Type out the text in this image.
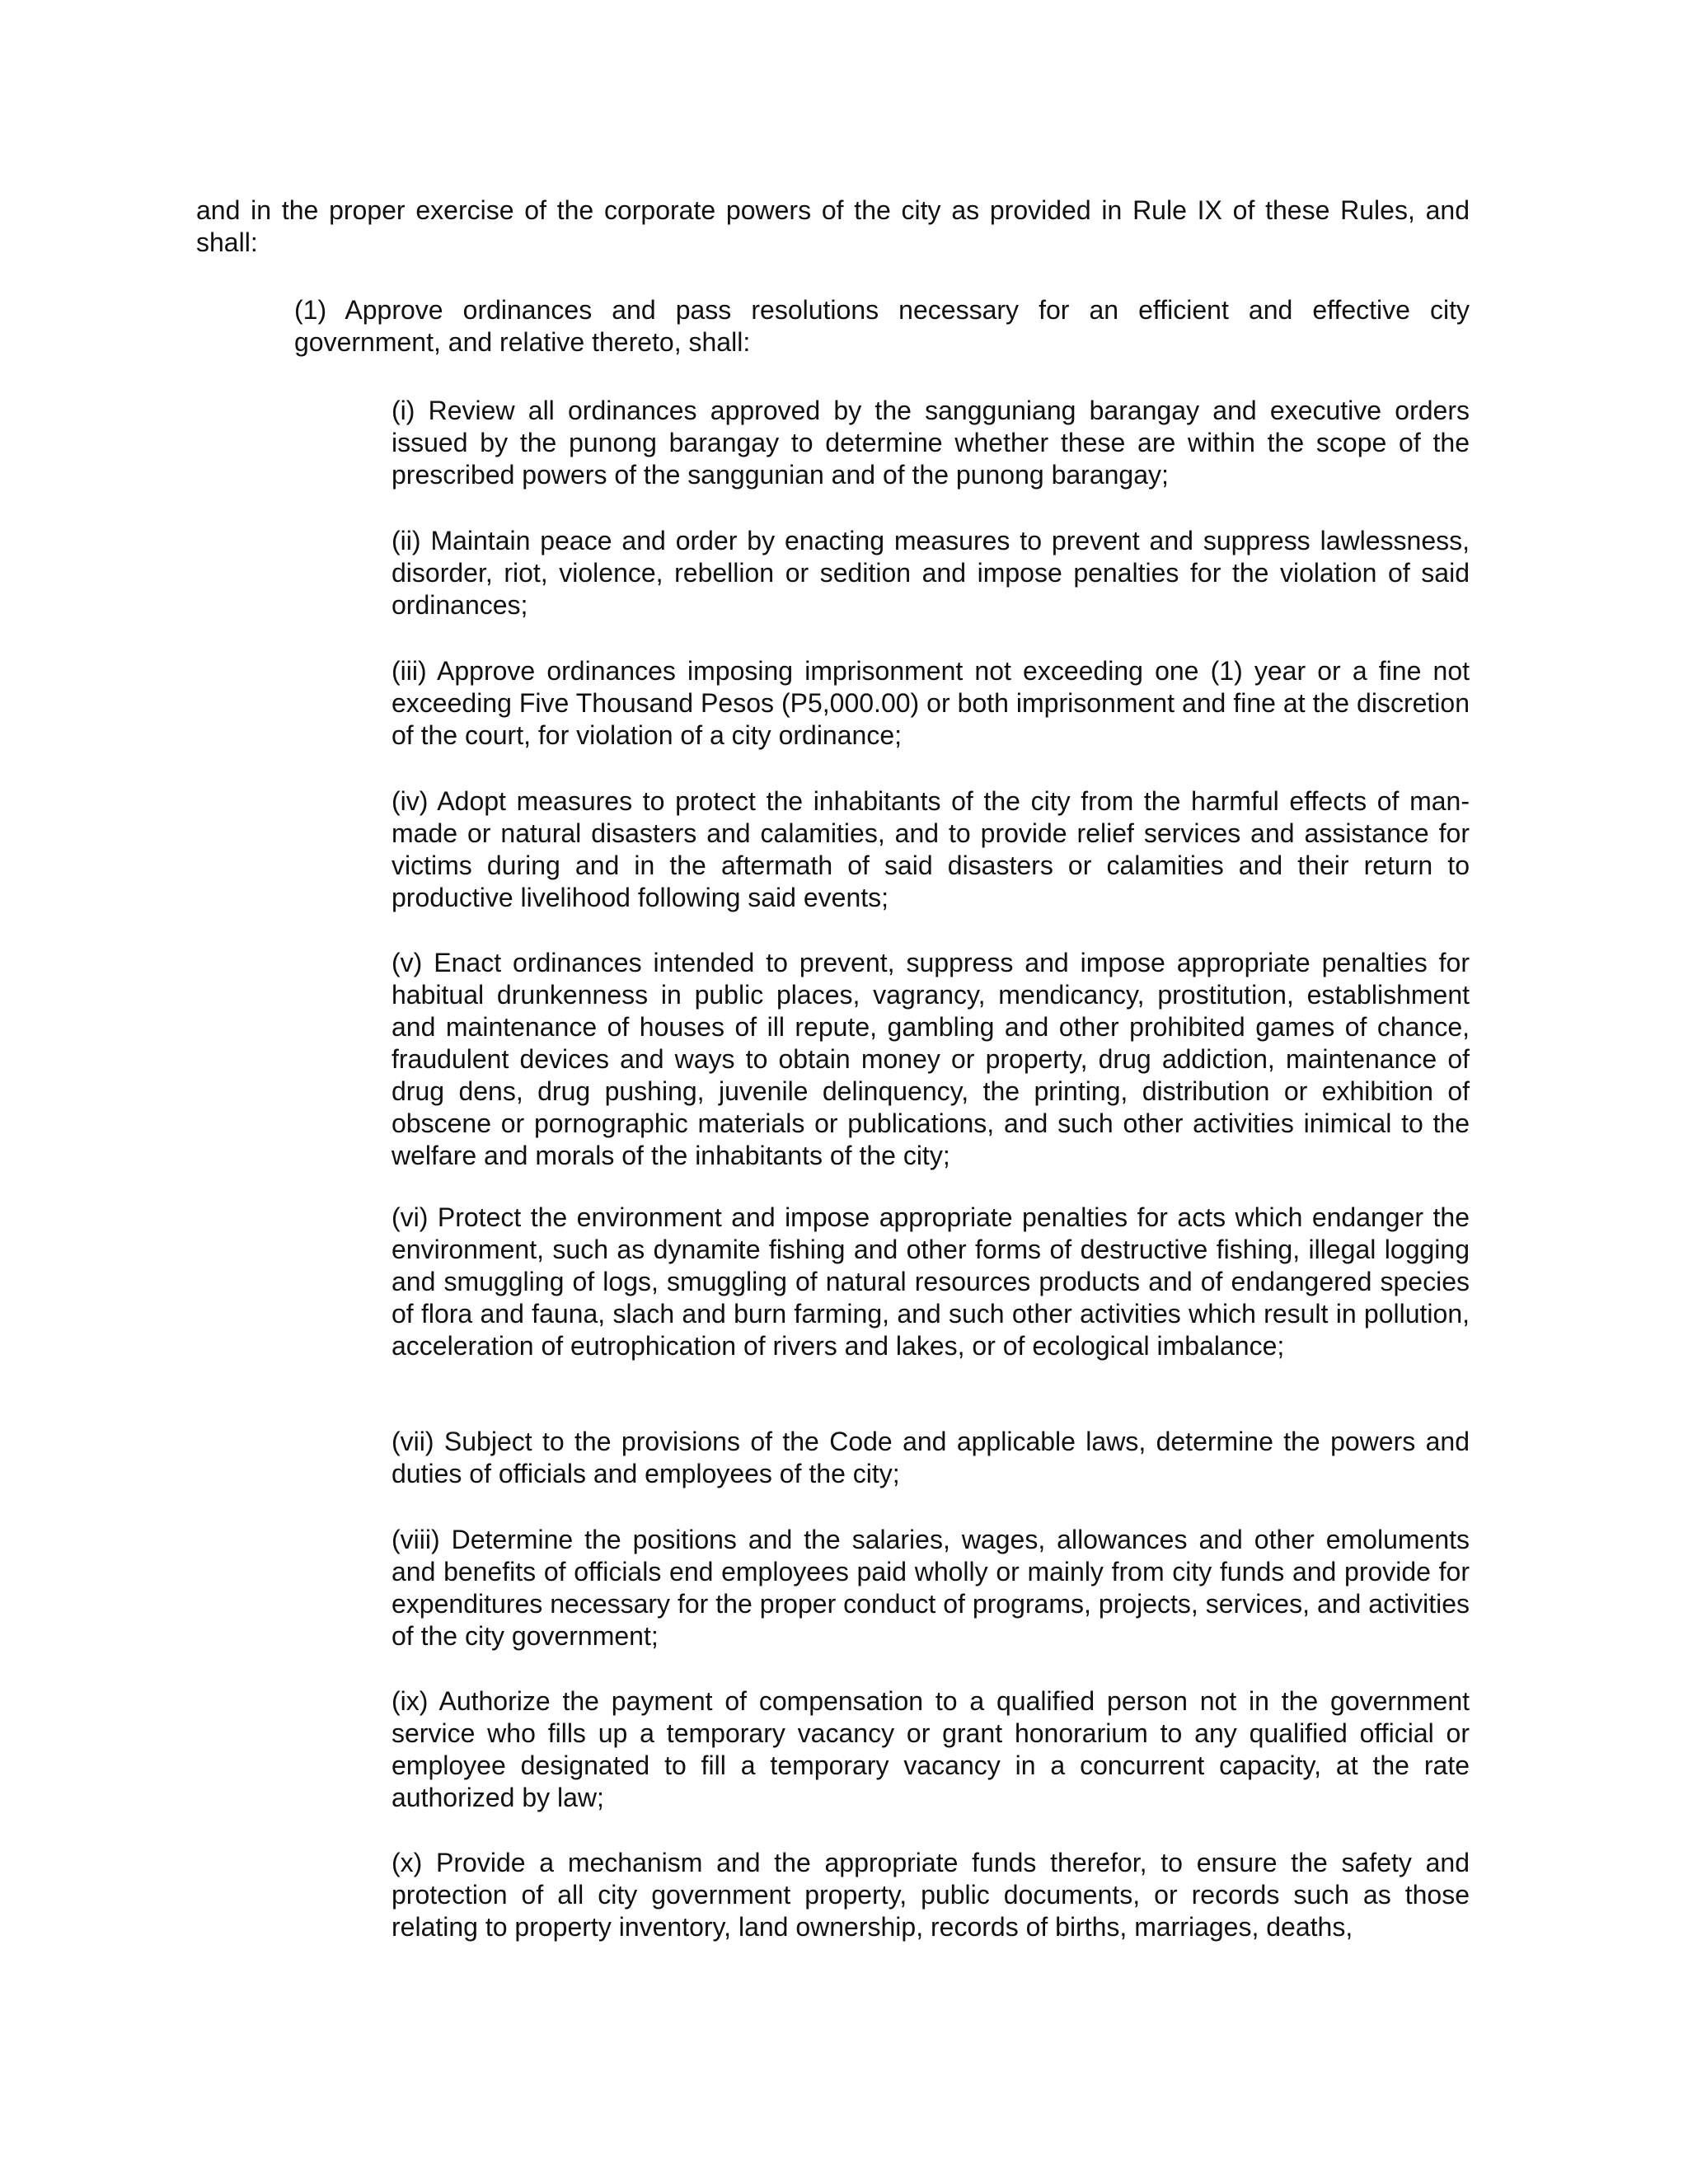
and in the proper exercise of the corporate powers of the city as provided in Rule IX of these Rules, and shall:

(1) Approve ordinances and pass resolutions necessary for an efficient and effective city government, and relative thereto, shall:

(i) Review all ordinances approved by the sangguniang barangay and executive orders issued by the punong barangay to determine whether these are within the scope of the prescribed powers of the sanggunian and of the punong barangay;

(ii) Maintain peace and order by enacting measures to prevent and suppress lawlessness, disorder, riot, violence, rebellion or sedition and impose penalties for the violation of said ordinances;

(iii) Approve ordinances imposing imprisonment not exceeding one (1) year or a fine not exceeding Five Thousand Pesos (P5,000.00) or both imprisonment and fine at the discretion of the court, for violation of a city ordinance;

(iv) Adopt measures to protect the inhabitants of the city from the harmful effects of man-made or natural disasters and calamities, and to provide relief services and assistance for victims during and in the aftermath of said disasters or calamities and their return to productive livelihood following said events;

(v) Enact ordinances intended to prevent, suppress and impose appropriate penalties for habitual drunkenness in public places, vagrancy, mendicancy, prostitution, establishment and maintenance of houses of ill repute, gambling and other prohibited games of chance, fraudulent devices and ways to obtain money or property, drug addiction, maintenance of drug dens, drug pushing, juvenile delinquency, the printing, distribution or exhibition of obscene or pornographic materials or publications, and such other activities inimical to the welfare and morals of the inhabitants of the city;

(vi) Protect the environment and impose appropriate penalties for acts which endanger the environment, such as dynamite fishing and other forms of destructive fishing, illegal logging and smuggling of logs, smuggling of natural resources products and of endangered species of flora and fauna, slach and burn farming, and such other activities which result in pollution, acceleration of eutrophication of rivers and lakes, or of ecological imbalance;

(vii) Subject to the provisions of the Code and applicable laws, determine the powers and duties of officials and employees of the city;

(viii) Determine the positions and the salaries, wages, allowances and other emoluments and benefits of officials end employees paid wholly or mainly from city funds and provide for expenditures necessary for the proper conduct of programs, projects, services, and activities of the city government;

(ix) Authorize the payment of compensation to a qualified person not in the government service who fills up a temporary vacancy or grant honorarium to any qualified official or employee designated to fill a temporary vacancy in a concurrent capacity, at the rate authorized by law;

(x) Provide a mechanism and the appropriate funds therefor, to ensure the safety and protection of all city government property, public documents, or records such as those relating to property inventory, land ownership, records of births, marriages, deaths,
